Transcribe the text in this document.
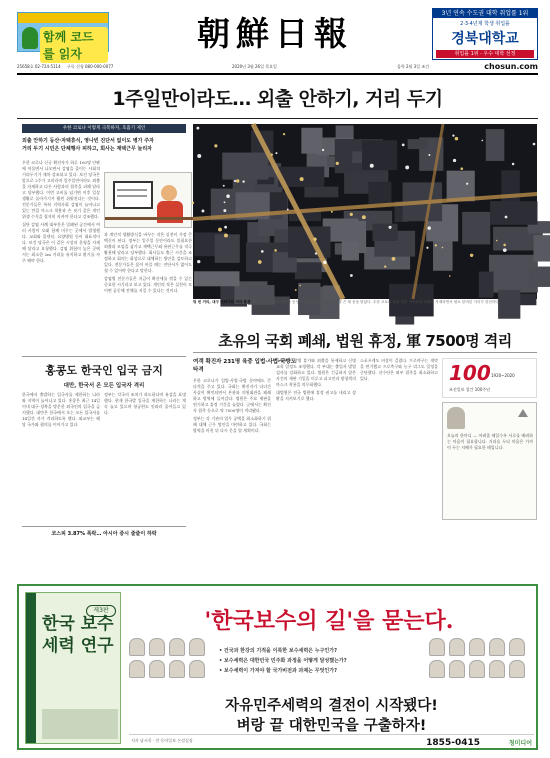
함께 코드를 읽자
朝鮮日報
3년 연속 수도권 대학 취업률 1위
2·3·4년제 학생 취업률
경북대학교
취업률 1위 · 우수 대학 선정
25658호 02-724-5114 구독 신청 080-000-0077	2020년 3월 26일 목요일	음력 2월 3일 조간	chosun.com
1주일만이라도… 외출 안하기, 거리 두기
우한 코로나 이렇게 극복하자, 호흡기 제언
외출 안하기 등산·자택휴식, 영나빈 진단서 없이도 병가 주자
거리 두기 시민은 단체행사 피하고, 회사는 재택근무 늘리자

우한 코로나 신규 확진자가 하루 100명 안팎에 머물면서 나오면서 감염을 줄이는 사회적 거리두기가 재차 강조되고 있다. 보건 당국은 앞으로 2주가 고비라며 일주일만이라도 외출을 자제하고 다른 사람과의 접촉을 피해 달라고 당부했다. 이번 고비를 넘기면 이후 일상생활로 돌아가기가 훨씬 쉬워진다는 것이다. 전문가들은 특히 지역사회 감염이 늘어나고 있는 만큼 마스크 착용과 손 씻기 같은 개인 위생 수칙을 철저히 지켜야 한다고 강조했다.

집단 감염 사례 대부분은 밀폐된 공간에서 여러 사람이 오래 함께 머무는 곳에서 발생했다. 교회와 콜센터, 요양병원 등이 대표적이다. 보건 당국은 이 같은 시설의 운영을 자제해 달라고 요청했다. 감염 위험이 높은 곳에서는 최소한 2m 거리를 유지하고 환기를 자주 해야 한다.

과 개인적 생활방식을 바꾸는 작은 실천이 가장 큰 백신이 된다. 정부는 일주일 동안이라도 불필요한 외출과 모임을 삼가고 재택근무와 유연근무를 적극 활용해 달라고 당부했다. 회사들도 출근 시간을 조정하고 회의는 화상으로 대체하는 방안을 검토하고 있다. 전문가들은 몸이 아플 때는 진단서가 없어도 쉴 수 있어야 한다고 말한다.

감염병 전문가들은 지금이 확산세를 꺾을 수 있는 중요한 시기라고 보고 있다. 개인의 작은 실천이 모이면 공동체 전체를 지킬 수 있다는 것이다.

텅 빈 거리, 대구 번화가의 저녁 풍경 25일 대구의 대표 번화가 동성로 일대 상점 대부분이 불을 끈 채 문을 닫았다. 우한 코로나 확산 이후 시민들이 외출을 자제하면서 평소 붐비던 거리가 한산하다.
초유의 국회 폐쇄, 법원 휴정, 軍 7500명 격리
홍콩도 한국인 입국 금지
대만, 한국서 온 모든 입국자 격리

한국에서 출발하는 입국자를 제한하는 나라와 지역이 늘어나고 있다. 홍콩은 최근 14일 이내 대구·경북을 방문한 외국인의 입국을 금지했다. 대만은 한국에서 오는 모든 입국자를 14일간 자가 격리하도록 했다. 외교부는 해당 국가와 협의를 이어가고 있다.

정부는 각국의 조치가 과도하다며 유감을 표명했다. 현재 한국발 입국을 제한하는 나라는 계속 늘고 있으며 항공편도 잇따라 줄어들고 있다.

코스피 3.87% 폭락… 아시아 증시 줄줄이 하락
여객 확진자 231명 육중 입법·사법·국방도 타격

우한 코로나가 입법·사법·국방 분야에도 큰 타격을 주고 있다. 국회는 확진자가 다녀간 사실이 확인되면서 본관과 의원회관을 폐쇄하고 방역에 들어갔다. 법원은 주요 재판을 연기하고 휴정 기간을 늘렸다. 군에서는 확진자 접촉 등으로 약 7500명이 격리됐다.

정부는 각 기관의 업무 공백을 최소화하기 위해 대체 근무 방안을 마련하고 있다. 국회는 방역을 마친 뒤 다시 문을 열 계획이다.

국방부는 장병 휴가와 외출을 통제하고 신병 교육 일정도 조정했다. 각 부대는 출입자 발열 검사를 강화하고 있다. 법원은 긴급하지 않은 사건의 재판 기일을 미루고 피고인과 방청객의 마스크 착용을 의무화했다.

대법원은 전국 법원에 휴정 권고를 내리고 상황을 지켜보기로 했다.

스포츠계도 비상이 걸렸다. 프로야구는 개막을 연기했고 프로축구와 농구 리그도 일정을 중단했다. 선수단은 외부 접촉을 최소화하고 있다.	100 1920~2020
조선일보 창간 100주년

오늘의 한마디 — 어려울 때일수록 서로를 배려하는 마음이 필요합니다. 거리를 두되 마음은 가까이 두는 지혜가 필요한 때입니다.

제3판
한국 보수세력 연구
'한국보수의 길'을 묻는다.
• 건국과 한강의 기적을 이룩한 보수세력은 누구인가?
• 보수세력은 대한민국 민주화 과정을 어떻게 달성했는가?
• 보수세력이 가져야 할 국가비전과 과제는 무엇인가?
자유민주세력의 결전이 시작됐다!
벼랑 끝 대한민국을 구출하자!
저자 남시욱 · 전 동아일보 논설실장	1855-0415	청미디어
